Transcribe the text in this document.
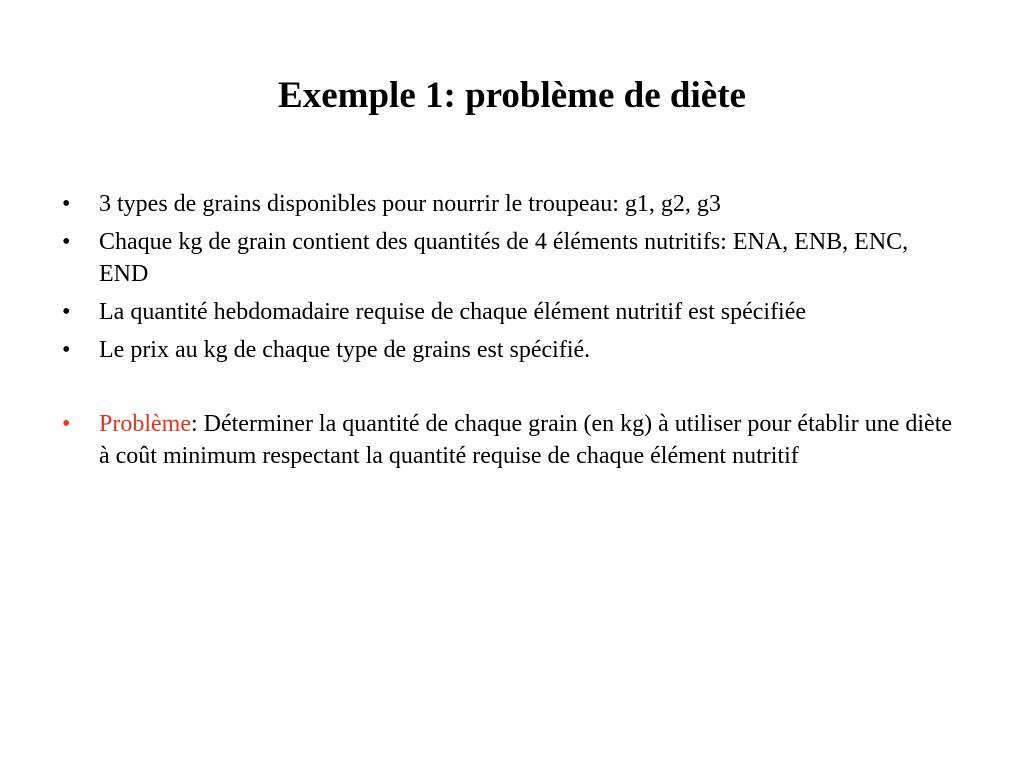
Exemple 1: problème de diète
•	3 types de grains disponibles pour nourrir le troupeau: g1, g2, g3
•	Chaque kg de grain contient des quantités de 4 éléments nutritifs: ENA, ENB, ENC, END
•	La quantité hebdomadaire requise de chaque élément nutritif est spécifiée
•	Le prix au kg de chaque type de grains est spécifié.
•	Problème: Déterminer la quantité de chaque grain (en kg) à utiliser pour établir une diète à coût minimum respectant la quantité requise de chaque élément nutritif
